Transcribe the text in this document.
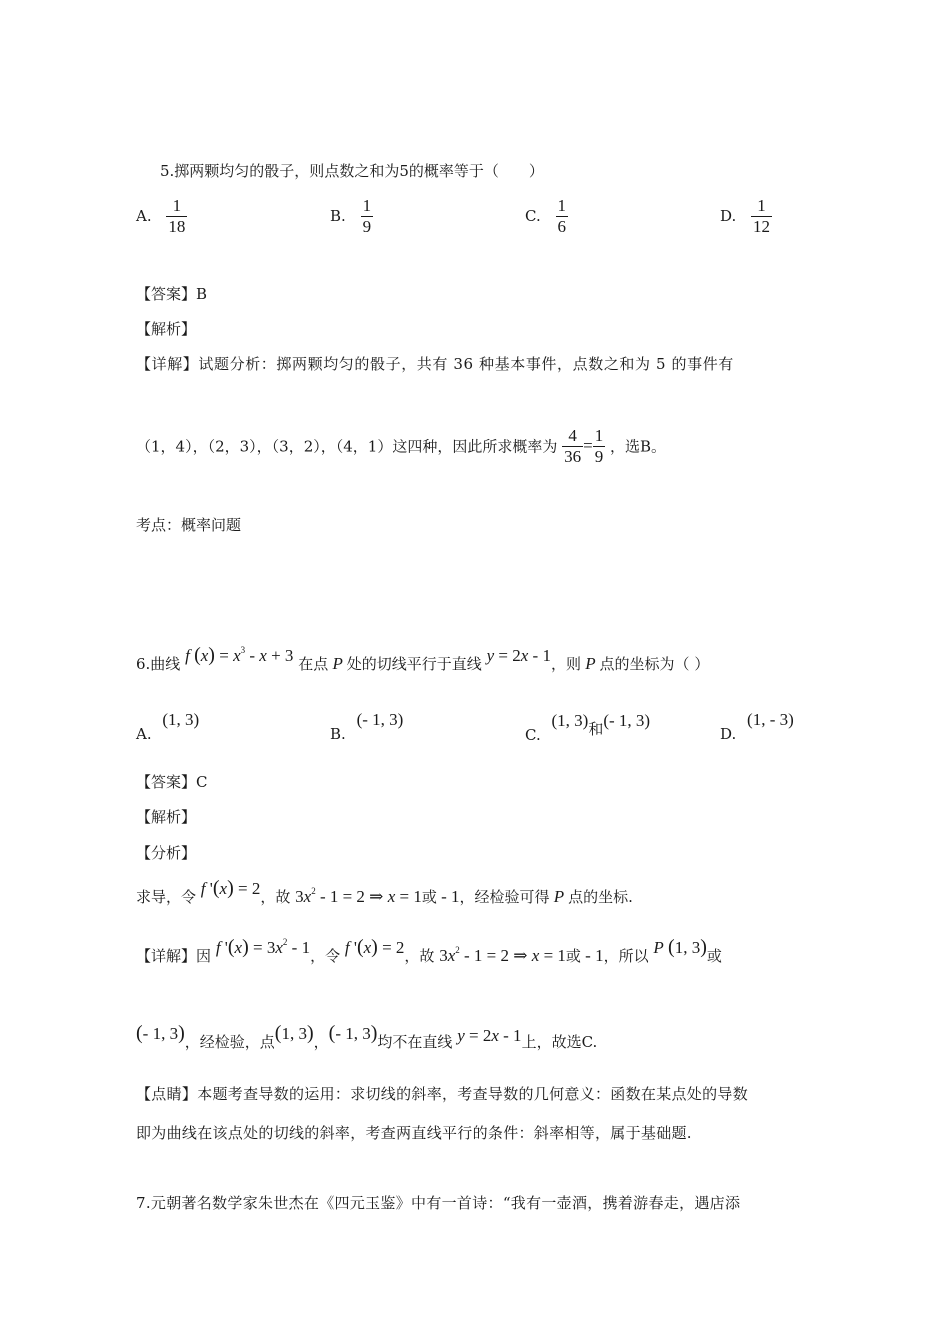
5.掷两颗均匀的骰子，则点数之和为5的概率等于（　　）
A. $\frac{1}{18}$	B. $\frac{1}{9}$	C. $\frac{1}{6}$	D. $\frac{1}{12}$
【答案】B
【解析】
【详解】试题分析：掷两颗均匀的骰子，共有 36 种基本事件，点数之和为 5 的事件有
（1，4），（2，3），（3，2），（4，1）这四种，因此所求概率为 $\frac{4}{36} = \frac{1}{9}$ ，选B。
考点：概率问题
6.曲线 f $(x) = x^3 - x + 3$ 在点 P 处的切线平行于直线 y = 2x - 1，则 P 点的坐标为（ ）
A. (1, 3)
B. (- 1, 3)
C. (1, 3)和(- 1, 3)
D. (1, - 3)
【答案】C
【解析】
【分析】
求导，令 f '(x) = 2，故 $3x^2 - 1 = 2$ ⇒ x = 1或 - 1，经检验可得 P 点的坐标.
【详解】因 f '$(x) = 3x^2 - 1$，令 f '(x) = 2，故 $3x^2 - 1 = 2$ ⇒ x = 1或 - 1，所以 P (1, 3)或
(- 1, 3)，经检验，点(1, 3)，(- 1, 3)均不在直线 y = 2x - 1上，故选C.
【点睛】本题考查导数的运用：求切线的斜率，考查导数的几何意义：函数在某点处的导数
即为曲线在该点处的切线的斜率，考查两直线平行的条件：斜率相等，属于基础题.
7.元朝著名数学家朱世杰在《四元玉鉴》中有一首诗：“我有一壶酒，携着游春走，遇店添
